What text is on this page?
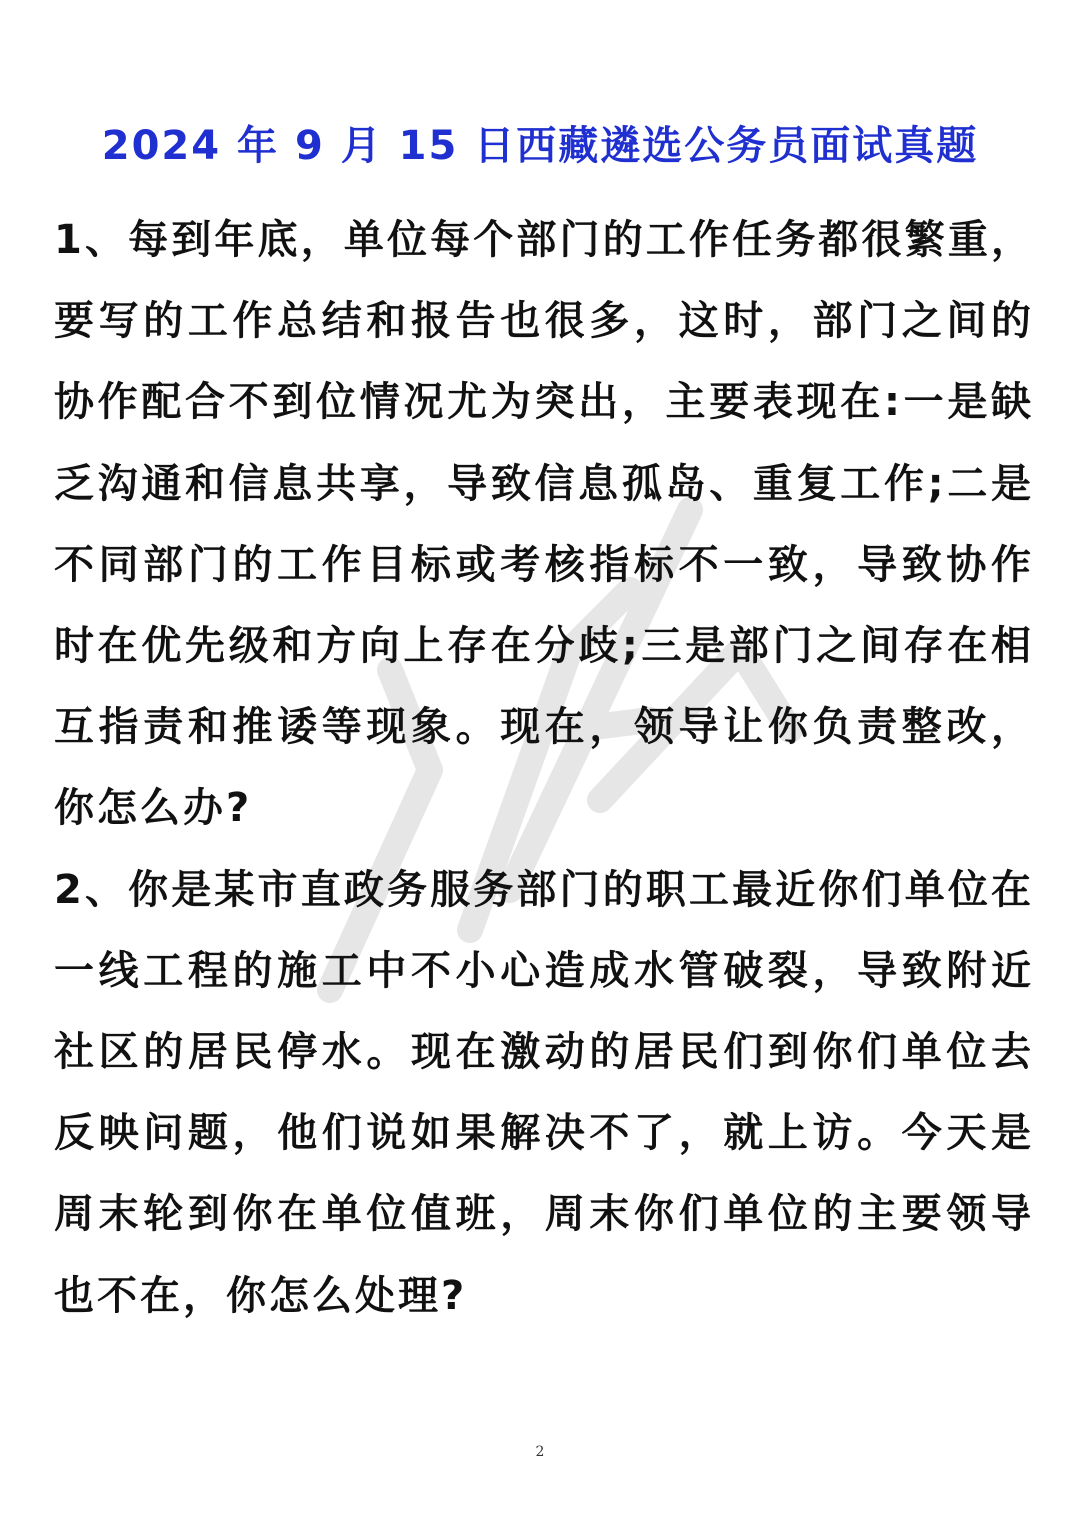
2024 年 9 月 15 日西藏遴选公务员面试真题

1、每到年底，单位每个部门的工作任务都很繁重，要写的工作总结和报告也很多，这时，部门之间的协作配合不到位情况尤为突出，主要表现在:一是缺乏沟通和信息共享，导致信息孤岛、重复工作;二是不同部门的工作目标或考核指标不一致，导致协作时在优先级和方向上存在分歧;三是部门之间存在相互指责和推诿等现象。现在，领导让你负责整改，你怎么办?

2、你是某市直政务服务部门的职工最近你们单位在一线工程的施工中不小心造成水管破裂，导致附近社区的居民停水。现在激动的居民们到你们单位去反映问题，他们说如果解决不了，就上访。今天是周末轮到你在单位值班，周末你们单位的主要领导也不在，你怎么处理?

2
